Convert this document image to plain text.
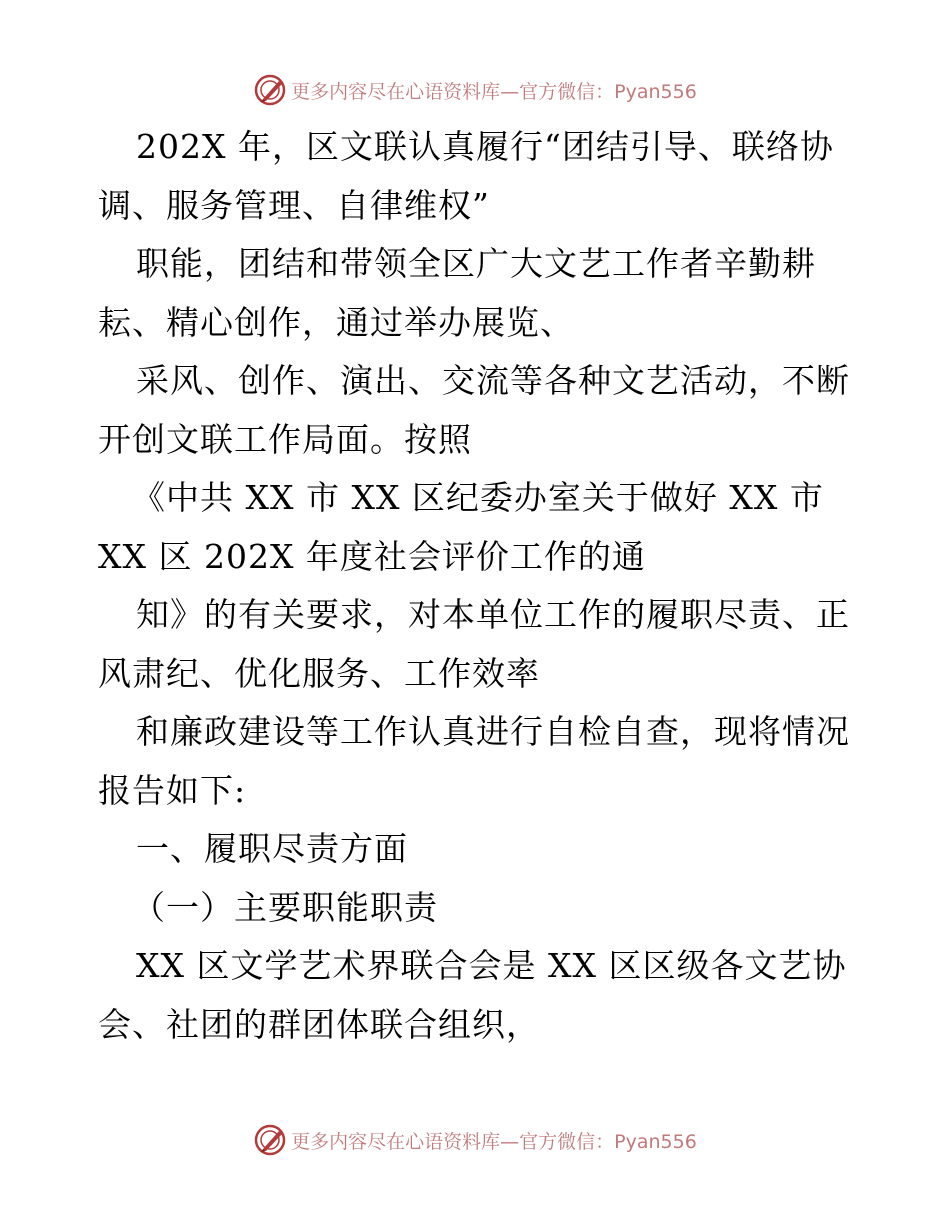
更多内容尽在心语资料库—官方微信：Pyan556
202X 年，区文联认真履行“团结引导、联络协
调、服务管理、自律维权”
职能，团结和带领全区广大文艺工作者辛勤耕
耘、精心创作，通过举办展览、
采风、创作、演出、交流等各种文艺活动，不断
开创文联工作局面。按照
《中共 XX 市 XX 区纪委办室关于做好 XX 市
XX 区 202X 年度社会评价工作的通
知》的有关要求，对本单位工作的履职尽责、正
风肃纪、优化服务、工作效率
和廉政建设等工作认真进行自检自查，现将情况
报告如下:
一、履职尽责方面
（一）主要职能职责
XX 区文学艺术界联合会是 XX 区区级各文艺协
会、社团的群团体联合组织，
更多内容尽在心语资料库—官方微信：Pyan556
